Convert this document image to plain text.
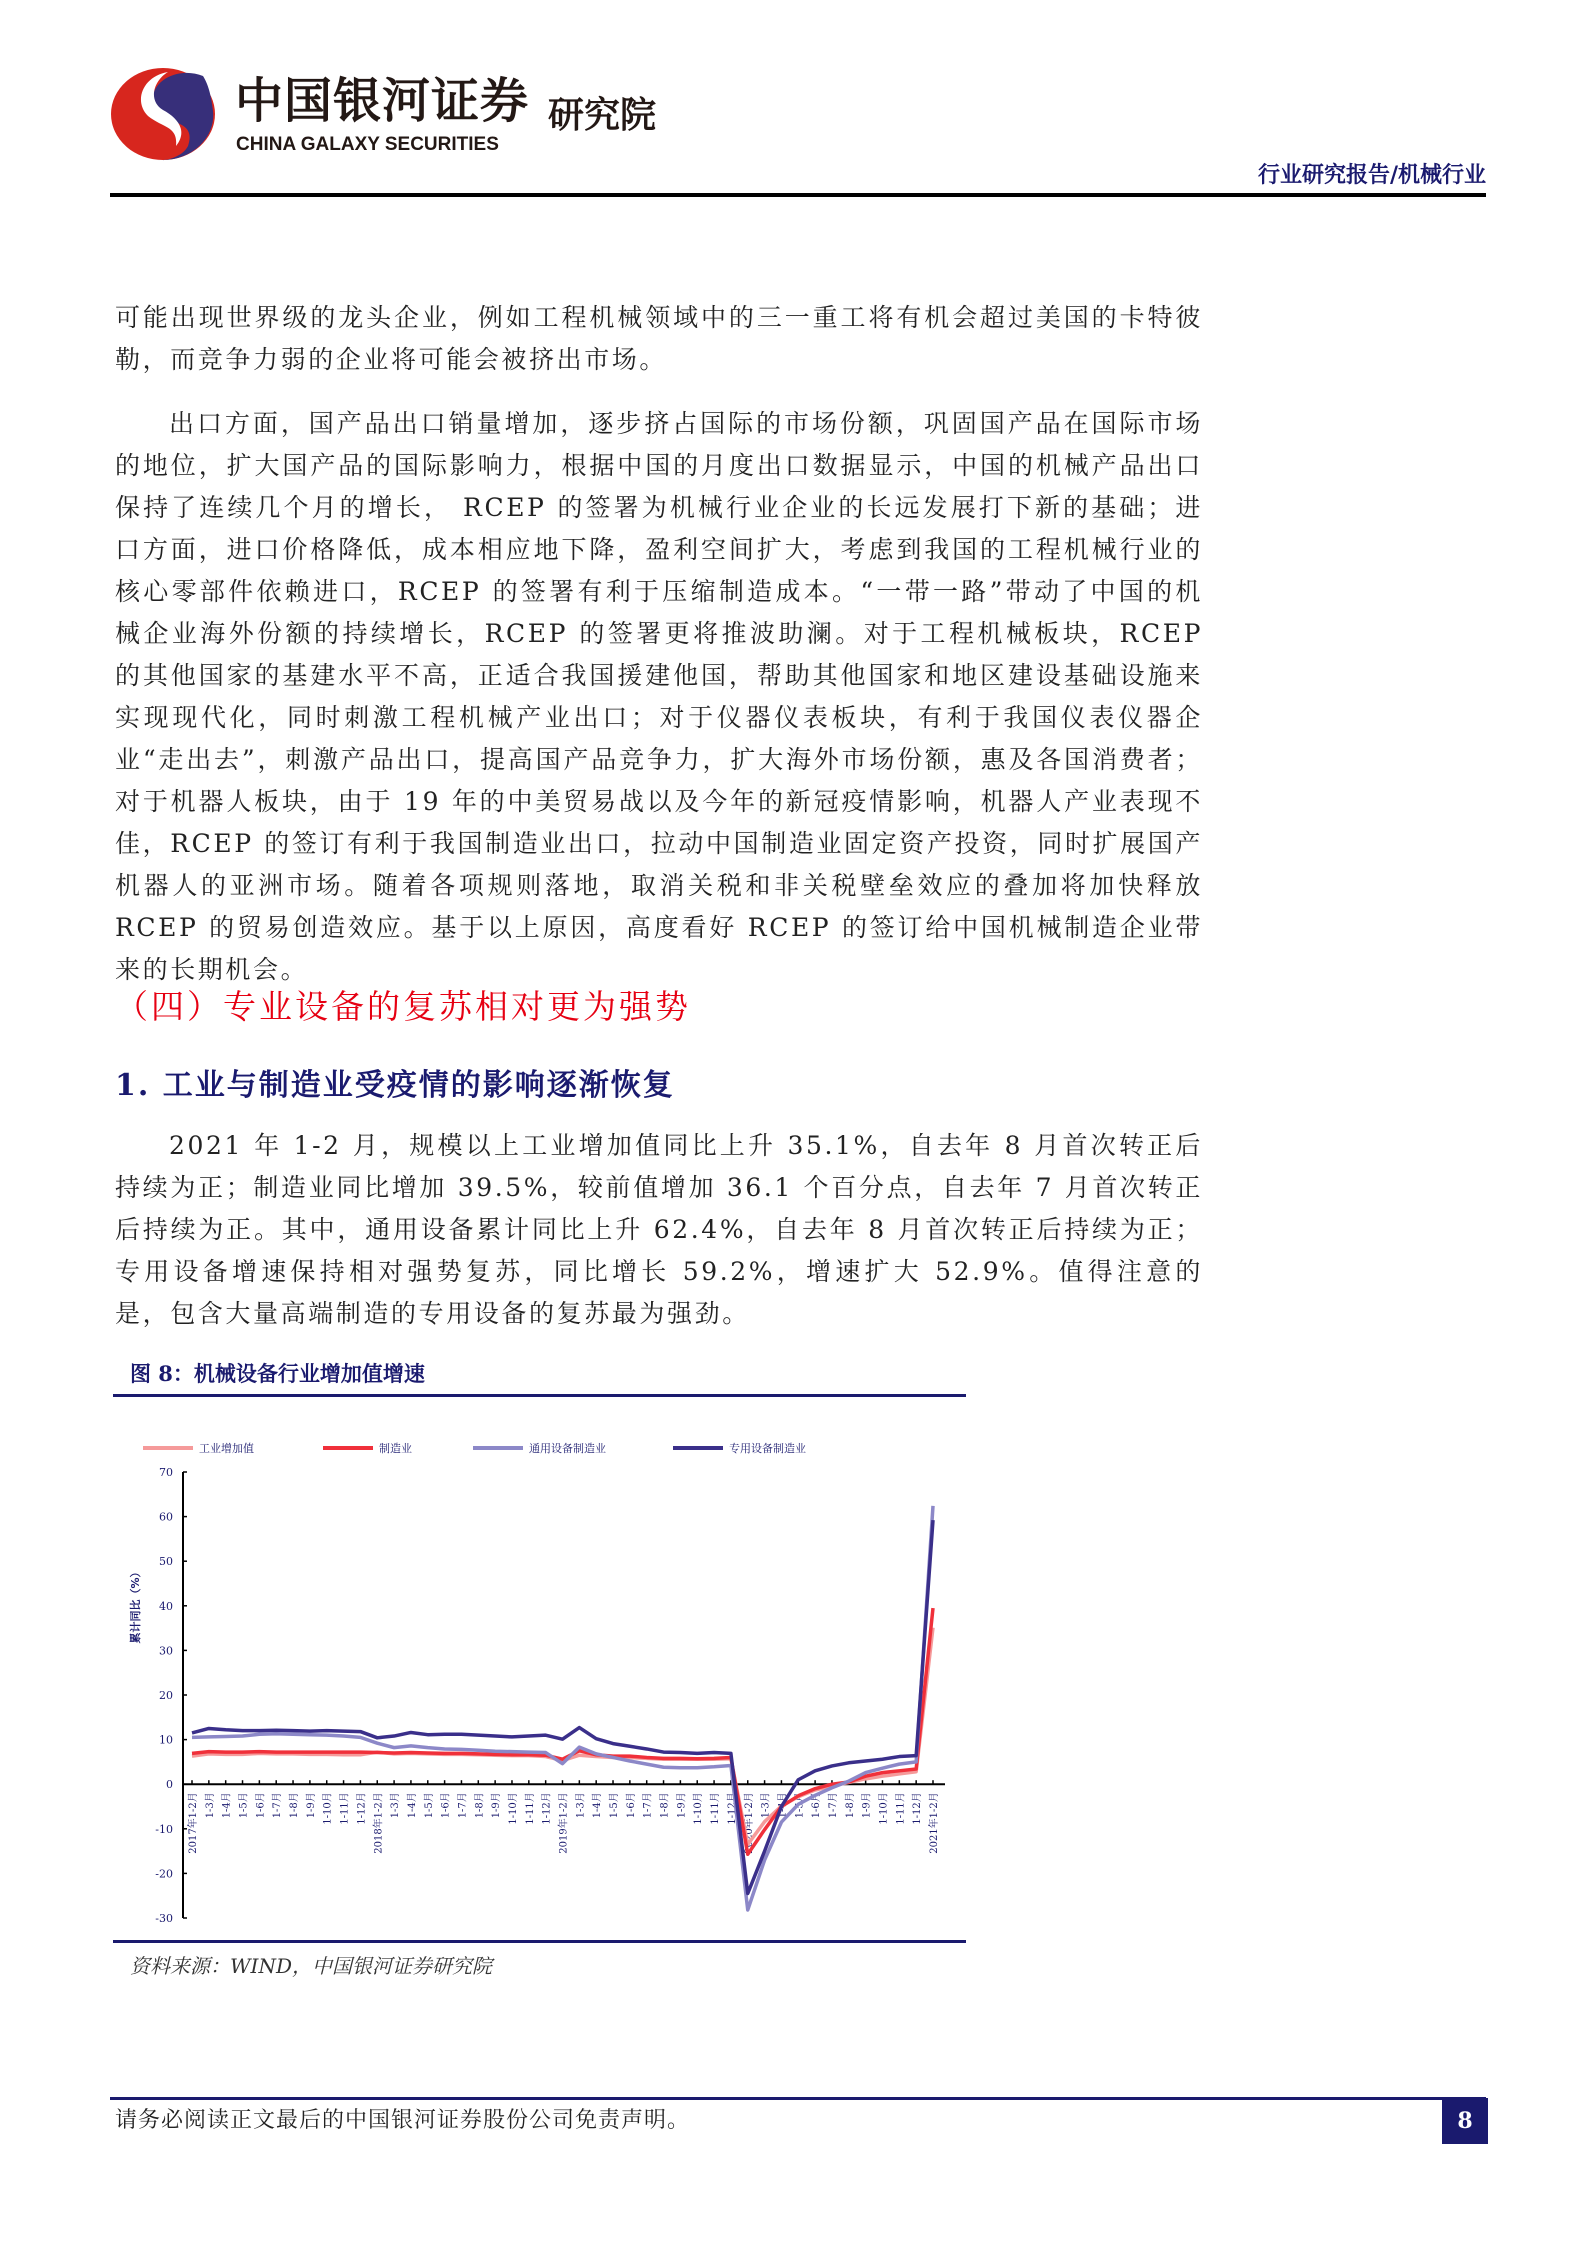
中国银河证券
CHINA GALAXY SECURITIES
研究院
行业研究报告/机械行业
可能出现世界级的龙头企业，例如工程机械领域中的三一重工将有机会超过美国的卡特彼勒，而竞争力弱的企业将可能会被挤出市场。
出口方面，国产品出口销量增加，逐步挤占国际的市场份额，巩固国产品在国际市场的地位，扩大国产品的国际影响力，根据中国的月度出口数据显示，中国的机械产品出口保持了连续几个月的增长， RCEP 的签署为机械行业企业的长远发展打下新的基础；进口方面，进口价格降低，成本相应地下降，盈利空间扩大，考虑到我国的工程机械行业的核心零部件依赖进口，RCEP 的签署有利于压缩制造成本。“一带一路”带动了中国的机械企业海外份额的持续增长，RCEP 的签署更将推波助澜。对于工程机械板块，RCEP 的其他国家的基建水平不高，正适合我国援建他国，帮助其他国家和地区建设基础设施来实现现代化，同时刺激工程机械产业出口；对于仪器仪表板块，有利于我国仪表仪器企业“走出去”，刺激产品出口，提高国产品竞争力，扩大海外市场份额，惠及各国消费者；对于机器人板块，由于 19 年的中美贸易战以及今年的新冠疫情影响，机器人产业表现不佳，RCEP 的签订有利于我国制造业出口，拉动中国制造业固定资产投资，同时扩展国产机器人的亚洲市场。随着各项规则落地，取消关税和非关税壁垒效应的叠加将加快释放 RCEP 的贸易创造效应。基于以上原因，高度看好 RCEP 的签订给中国机械制造企业带来的长期机会。
（四）专业设备的复苏相对更为强势
1. 工业与制造业受疫情的影响逐渐恢复
2021 年 1-2 月，规模以上工业增加值同比上升 35.1%，自去年 8 月首次转正后持续为正；制造业同比增加 39.5%，较前值增加 36.1 个百分点，自去年 7 月首次转正后持续为正。其中，通用设备累计同比上升 62.4%，自去年 8 月首次转正后持续为正；专用设备增速保持相对强势复苏，同比增长 59.2%，增速扩大 52.9%。值得注意的是，包含大量高端制造的专用设备的复苏最为强劲。
图 8：机械设备行业增加值增速
-30
-20
-10
0
10
20
30
40
50
60
70
累计同比（%）
2017年1-2月 1-3月 1-4月 1-5月 1-6月 1-7月 1-8月 1-9月 1-10月 1-11月 1-12月 2018年1-2月 1-3月 1-4月 1-5月 1-6月 1-7月 1-8月 1-9月 1-10月 1-11月 1-12月 2019年1-2月 1-3月 1-4月 1-5月 1-6月 1-7月 1-8月 1-9月 1-10月 1-11月 1-12月 2020年1-2月 1-3月 1-4月 1-5月 1-6月 1-7月 1-8月 1-9月 1-10月 1-11月 1-12月 2021年1-2月
工业增加值	制造业	通用设备制造业	专用设备制造业
资料来源：WIND，中国银河证券研究院
请务必阅读正文最后的中国银河证券股份公司免责声明。	8
